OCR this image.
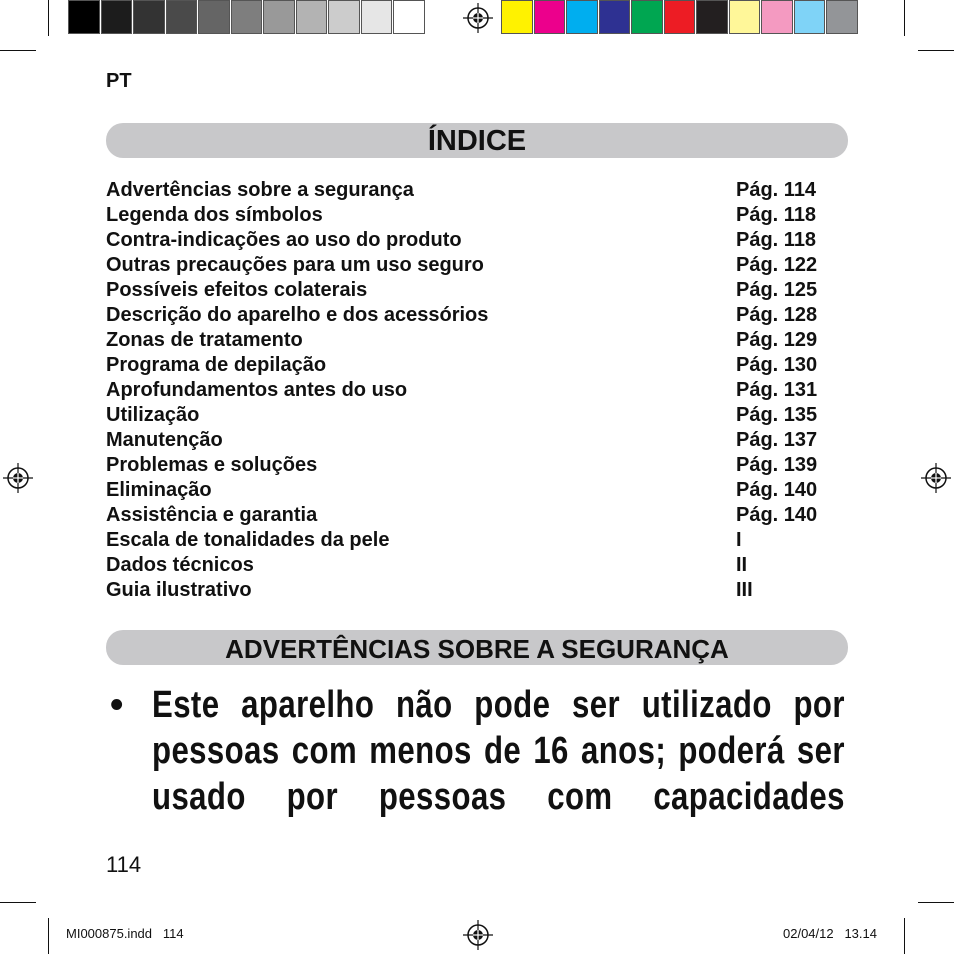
PT
ÍNDICE
Advertências sobre a segurança	Pág. 114
Legenda dos símbolos	Pág. 118
Contra-indicações ao uso do produto	Pág. 118
Outras precauções para um uso seguro	Pág. 122
Possíveis efeitos colaterais	Pág. 125
Descrição do aparelho e dos acessórios	Pág. 128
Zonas de tratamento	Pág. 129
Programa de depilação	Pág. 130
Aprofundamentos antes do uso	Pág. 131
Utilização	Pág. 135
Manutenção	Pág. 137
Problemas e soluções	Pág. 139
Eliminação	Pág. 140
Assistência e garantia	Pág. 140
Escala de tonalidades da pele	I
Dados técnicos	II
Guia ilustrativo	III
ADVERTÊNCIAS SOBRE A SEGURANÇA
• Este aparelho não pode ser utilizado por pessoas com menos de 16 anos; poderá ser usado por pessoas com capacidades
114
MI000875.indd   114	02/04/12   13.14
